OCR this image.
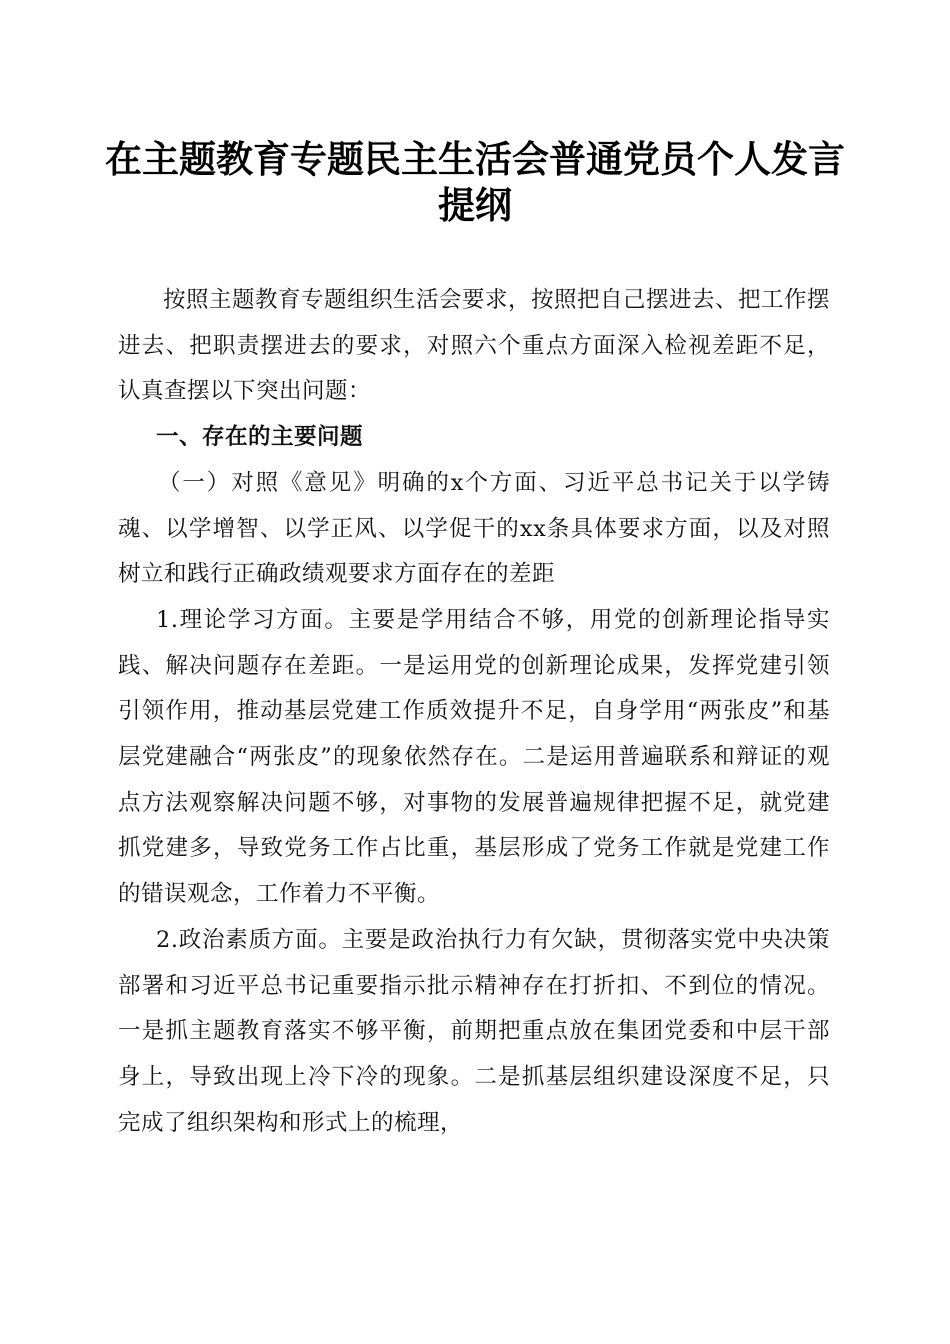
在主题教育专题民主生活会普通党员个人发言
提纲

按照主题教育专题组织生活会要求，按照把自己摆进去、把工作摆进去、把职责摆进去的要求，对照六个重点方面深入检视差距不足，认真查摆以下突出问题：

一、存在的主要问题

（一）对照《意见》明确的x个方面、习近平总书记关于以学铸魂、以学增智、以学正风、以学促干的xx条具体要求方面，以及对照树立和践行正确政绩观要求方面存在的差距

1.理论学习方面。主要是学用结合不够，用党的创新理论指导实践、解决问题存在差距。一是运用党的创新理论成果，发挥党建引领引领作用，推动基层党建工作质效提升不足，自身学用“两张皮”和基层党建融合“两张皮”的现象依然存在。二是运用普遍联系和辩证的观点方法观察解决问题不够，对事物的发展普遍规律把握不足，就党建抓党建多，导致党务工作占比重，基层形成了党务工作就是党建工作的错误观念，工作着力不平衡。

2.政治素质方面。主要是政治执行力有欠缺，贯彻落实党中央决策部署和习近平总书记重要指示批示精神存在打折扣、不到位的情况。一是抓主题教育落实不够平衡，前期把重点放在集团党委和中层干部身上，导致出现上冷下冷的现象。二是抓基层组织建设深度不足，只完成了组织架构和形式上的梳理，
